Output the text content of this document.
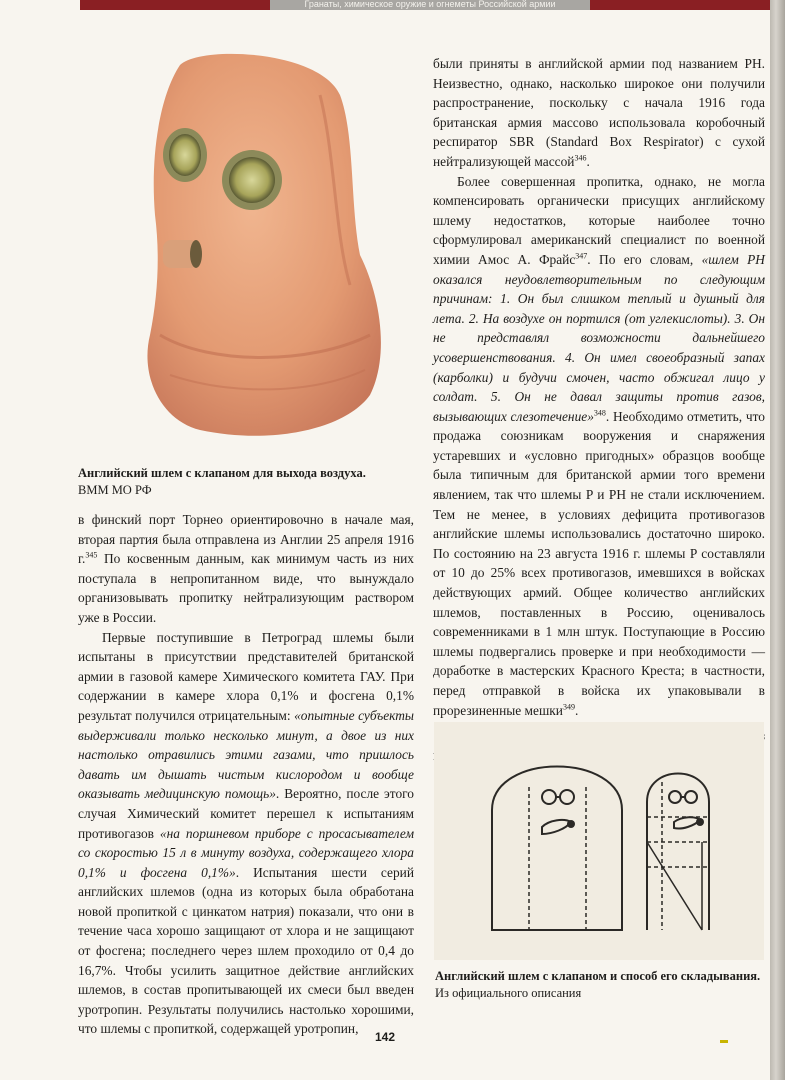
Гранаты, химическое оружие и огнеметы Российской армии
Английский шлем с клапаном для выхода воздуха.
ВММ МО РФ

в финский порт Торнео ориентировочно в начале мая, вторая партия была отправлена из Англии 25 апреля 1916 г.$^{345}$ По косвенным данным, как минимум часть из них поступала в непропитанном виде, что вынуждало организовывать пропитку нейтрализующим раствором уже в России.

Первые поступившие в Петроград шлемы были испытаны в присутствии представителей британской армии в газовой камере Химического комитета ГАУ. При содержании в камере хлора 0,1% и фосгена 0,1% результат получился отрицательным: «опытные субъекты выдерживали только несколько минут, а двое из них настолько отравились этими газами, что пришлось давать им дышать чистым кислородом и вообще оказывать медицинскую помощь». Вероятно, после этого случая Химический комитет перешел к испытаниям противогазов «на поршневом приборе с просасывателем со скоростью 15 л в минуту воздуха, содержащего хлора 0,1% и фосгена 0,1%». Испытания шести серий английских шлемов (одна из которых была обработана новой пропиткой с цинкатом натрия) показали, что они в течение часа хорошо защищают от хлора и не защищают от фосгена; последнего через шлем проходило от 0,4 до 16,7%. Чтобы усилить защитное действие английских шлемов, в состав пропитывающей их смеси был введен уротропин. Результаты получились настолько хорошими, что шлемы с пропиткой, содержащей уротропин,

были приняты в английской армии под названием PH. Неизвестно, однако, насколько широкое они получили распространение, поскольку с начала 1916 года британская армия массово использовала коробочный респиратор SBR (Standard Box Respirator) с сухой нейтрализующей массой$^{346}$.

Более совершенная пропитка, однако, не могла компенсировать органически присущих английскому шлему недостатков, которые наиболее точно сформулировал американский специалист по военной химии Амос А. Фрайс$^{347}$. По его словам, «шлем PH оказался неудовлетворительным по следующим причинам: 1. Он был слишком теплый и душный для лета. 2. На воздухе он портился (от углекислоты). 3. Он не представлял возможности дальнейшего усовершенствования. 4. Он имел своеобразный запах (карболки) и будучи смочен, часто обжигал лицо у солдат. 5. Он не давал защиты против газов, вызывающих слезотечение»$^{348}$. Необходимо отметить, что продажа союзникам вооружения и снаряжения устаревших и «условно пригодных» образцов вообще была типичным для британской армии того времени явлением, так что шлемы P и PH не стали исключением. Тем не менее, в условиях дефицита противогазов английские шлемы использовались достаточно широко. По состоянию на 23 августа 1916 г. шлемы P составляли от 10 до 25% всех противогазов, имевшихся в войсках действующих армий. Общее количество английских шлемов, поставленных в Россию, оценивалось современниками в 1 млн штук. Поступающие в Россию шлемы подвергались проверке и при необходимости — доработке в мастерских Красного Креста; в частности, перед отправкой в войска их упаковывали в прорезиненные мешки$^{349}$.

Английский шлем представлял собой сшитый из материи колпак такого размера, чтобы его можно было

Английский шлем с клапаном и способ его складывания.
Из официального описания
142
